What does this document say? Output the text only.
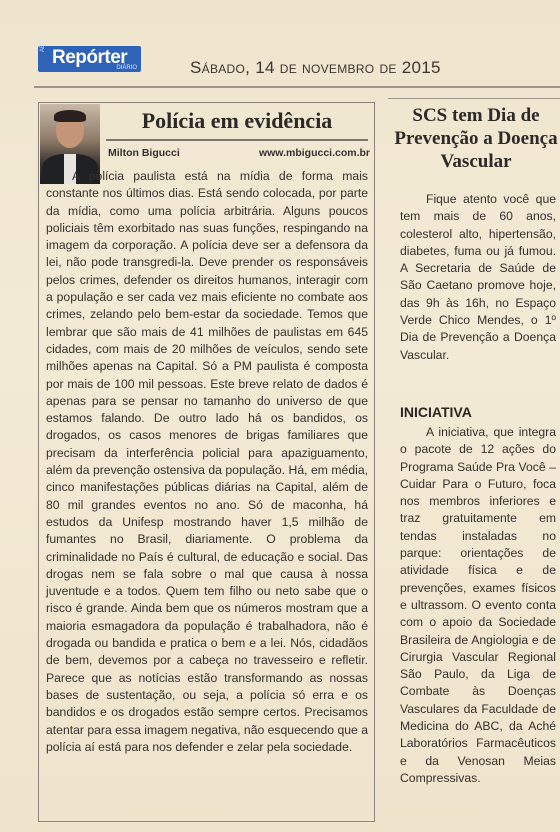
ABC
Repórter
DIÁRIO	Sábado, 14 de novembro de 2015
Polícia em evidência
Milton Bigucci	www.mbigucci.com.br
A polícia paulista está na mídia de forma mais constante nos últimos dias. Está sendo colocada, por parte da mídia, como uma polícia arbitrária. Alguns poucos policiais têm exorbitado nas suas funções, respingando na imagem da corporação. A polícia deve ser a defensora da lei, não pode transgredi-la. Deve prender os responsáveis pelos crimes, defender os direitos humanos, interagir com a população e ser cada vez mais eficiente no combate aos crimes, zelando pelo bem-estar da sociedade. Temos que lembrar que são mais de 41 milhões de paulistas em 645 cidades, com mais de 20 milhões de veículos, sendo sete milhões apenas na Capital. Só a PM paulista é composta por mais de 100 mil pessoas. Este breve relato de dados é apenas para se pensar no tamanho do universo de que estamos falando. De outro lado há os bandidos, os drogados, os casos menores de brigas familiares que precisam da interferência policial para apaziguamento, além da prevenção ostensiva da população. Há, em média, cinco manifestações públicas diárias na Capital, além de 80 mil grandes eventos no ano. Só de maconha, há estudos da Unifesp mostrando haver 1,5 milhão de fumantes no Brasil, diariamente. O problema da criminalidade no País é cultural, de educação e social. Das drogas nem se fala sobre o mal que causa à nossa juventude e a todos. Quem tem filho ou neto sabe que o risco é grande. Ainda bem que os números mostram que a maioria esmagadora da população é trabalhadora, não é drogada ou bandida e pratica o bem e a lei. Nós, cidadãos de bem, devemos por a cabeça no travesseiro e refletir. Parece que as notícias estão transformando as nossas bases de sustentação, ou seja, a polícia só erra e os bandidos e os drogados estão sempre certos. Precisamos atentar para essa imagem negativa, não esquecendo que a polícia aí está para nos defender e zelar pela sociedade.
SCS tem Dia de Prevenção a Doença Vascular
Fique atento você que tem mais de 60 anos, colesterol alto, hipertensão, diabetes, fuma ou já fumou. A Secretaria de Saúde de São Caetano promove hoje, das 9h às 16h, no Espaço Verde Chico Mendes, o 1º Dia de Prevenção a Doença Vascular.
INICIATIVA
A iniciativa, que integra o pacote de 12 ações do Programa Saúde Pra Você – Cuidar Para o Futuro, foca nos membros inferiores e traz gratuitamente em tendas instaladas no parque: orientações de atividade física e de prevenções, exames físicos e ultrassom. O evento conta com o apoio da Sociedade Brasileira de Angiologia e de Cirurgia Vascular Regional São Paulo, da Liga de Combate às Doenças Vasculares da Faculdade de Medicina do ABC, da Aché Laboratórios Farmacêuticos e da Venosan Meias Compressivas.
